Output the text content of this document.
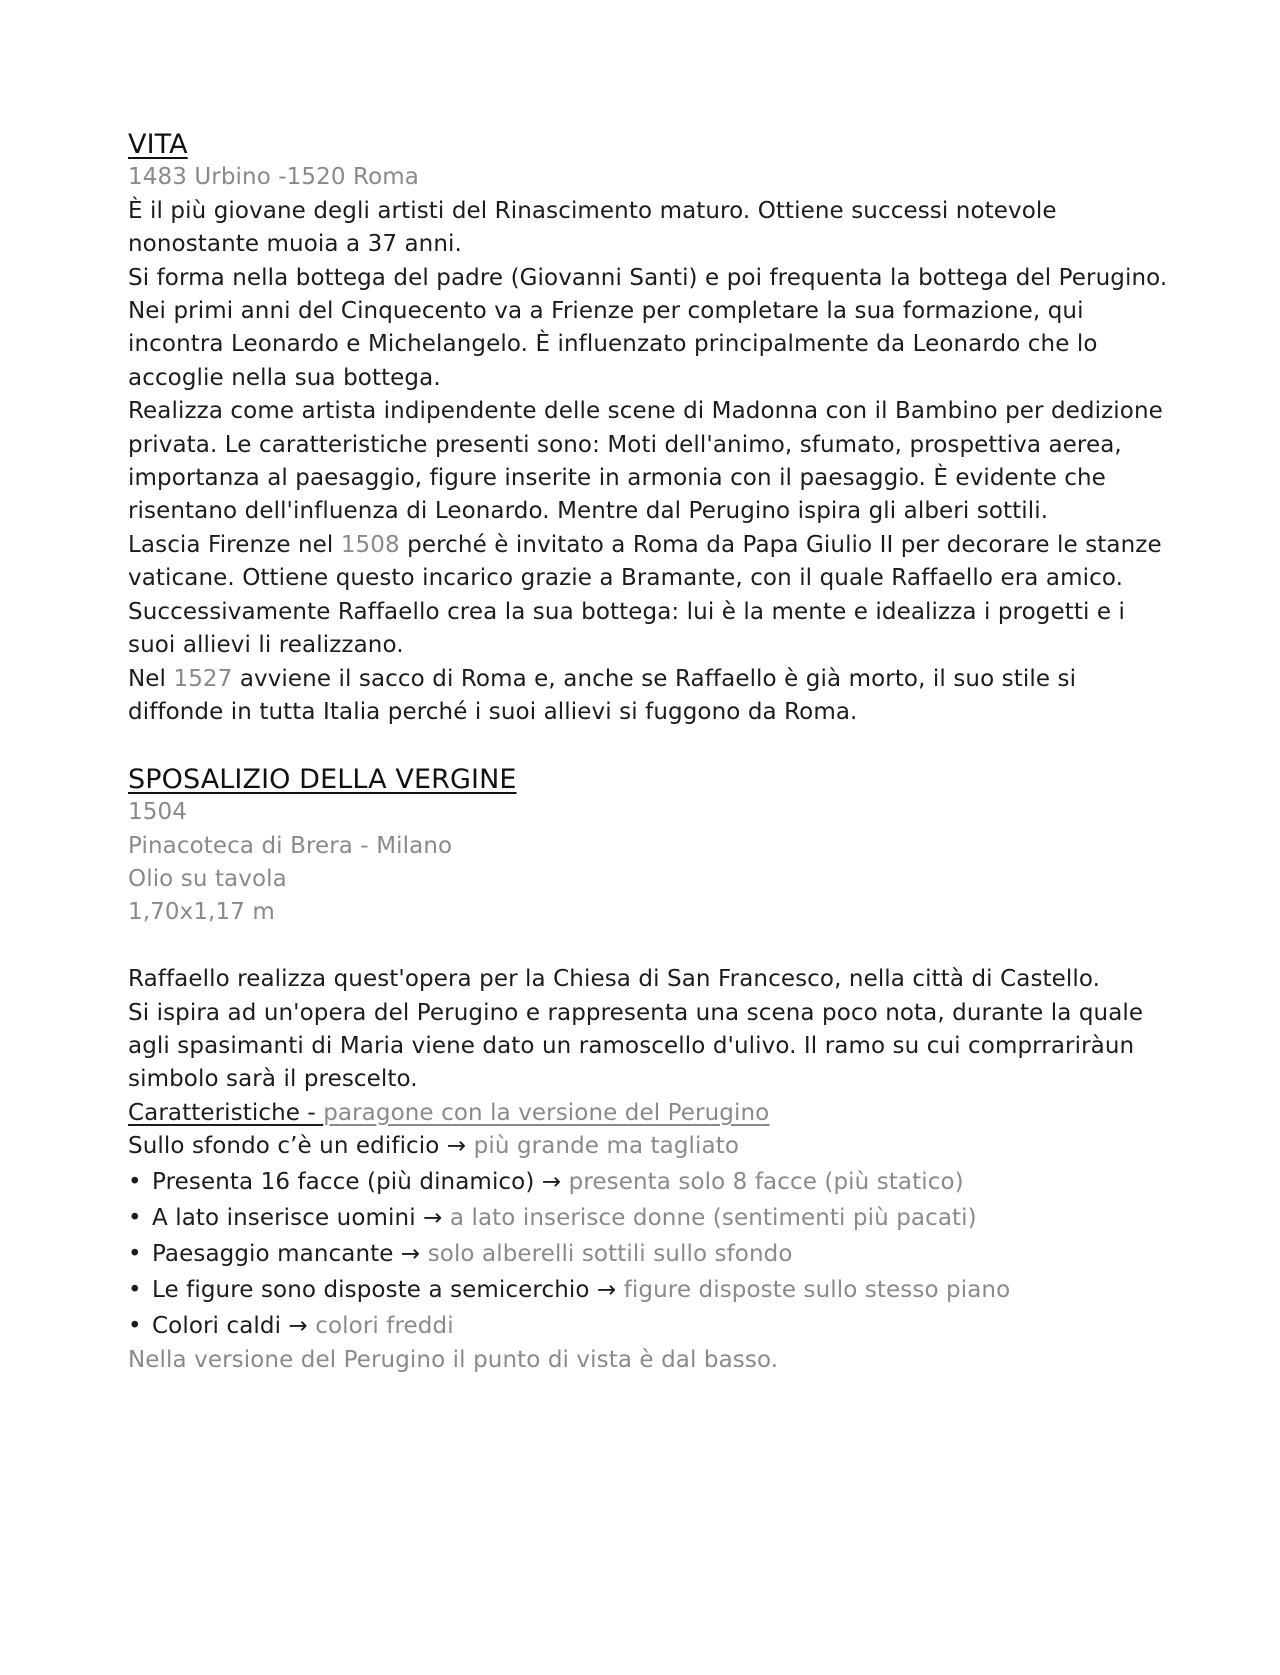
VITA

1483 Urbino -1520 Roma

È il più giovane degli artisti del Rinascimento maturo. Ottiene successi notevole nonostante muoia a 37 anni.

Si forma nella bottega del padre (Giovanni Santi) e poi frequenta la bottega del Perugino.

Nei primi anni del Cinquecento va a Frienze per completare la sua formazione, qui incontra Leonardo e Michelangelo. È influenzato principalmente da Leonardo che lo accoglie nella sua bottega.

Realizza come artista indipendente delle scene di Madonna con il Bambino per dedizione privata. Le caratteristiche presenti sono: Moti dell'animo, sfumato, prospettiva aerea, importanza al paesaggio, figure inserite in armonia con il paesaggio. È evidente che risentano dell'influenza di Leonardo. Mentre dal Perugino ispira gli alberi sottili.

Lascia Firenze nel 1508 perché è invitato a Roma da Papa Giulio II per decorare le stanze vaticane. Ottiene questo incarico grazie a Bramante, con il quale Raffaello era amico.

Successivamente Raffaello crea la sua bottega: lui è la mente e idealizza i progetti e i suoi allievi li realizzano.

Nel 1527 avviene il sacco di Roma e, anche se Raffaello è già morto, il suo stile si diffonde in tutta Italia perché i suoi allievi si fuggono da Roma.

SPOSALIZIO DELLA VERGINE

1504

Pinacoteca di Brera - Milano

Olio su tavola

1,70x1,17 m

Raffaello realizza quest'opera per la Chiesa di San Francesco, nella città di Castello.

Si ispira ad un'opera del Perugino e rappresenta una scena poco nota, durante la quale agli spasimanti di Maria viene dato un ramoscello d'ulivo. Il ramo su cui comprrariràun simbolo sarà il prescelto.

Caratteristiche - paragone con la versione del Perugino

Sullo sfondo c’è un edificio → più grande ma tagliato

• Presenta 16 facce (più dinamico) → presenta solo 8 facce (più statico)
• A lato inserisce uomini → a lato inserisce donne (sentimenti più pacati)
• Paesaggio mancante → solo alberelli sottili sullo sfondo
• Le figure sono disposte a semicerchio → figure disposte sullo stesso piano
• Colori caldi → colori freddi

Nella versione del Perugino il punto di vista è dal basso.
